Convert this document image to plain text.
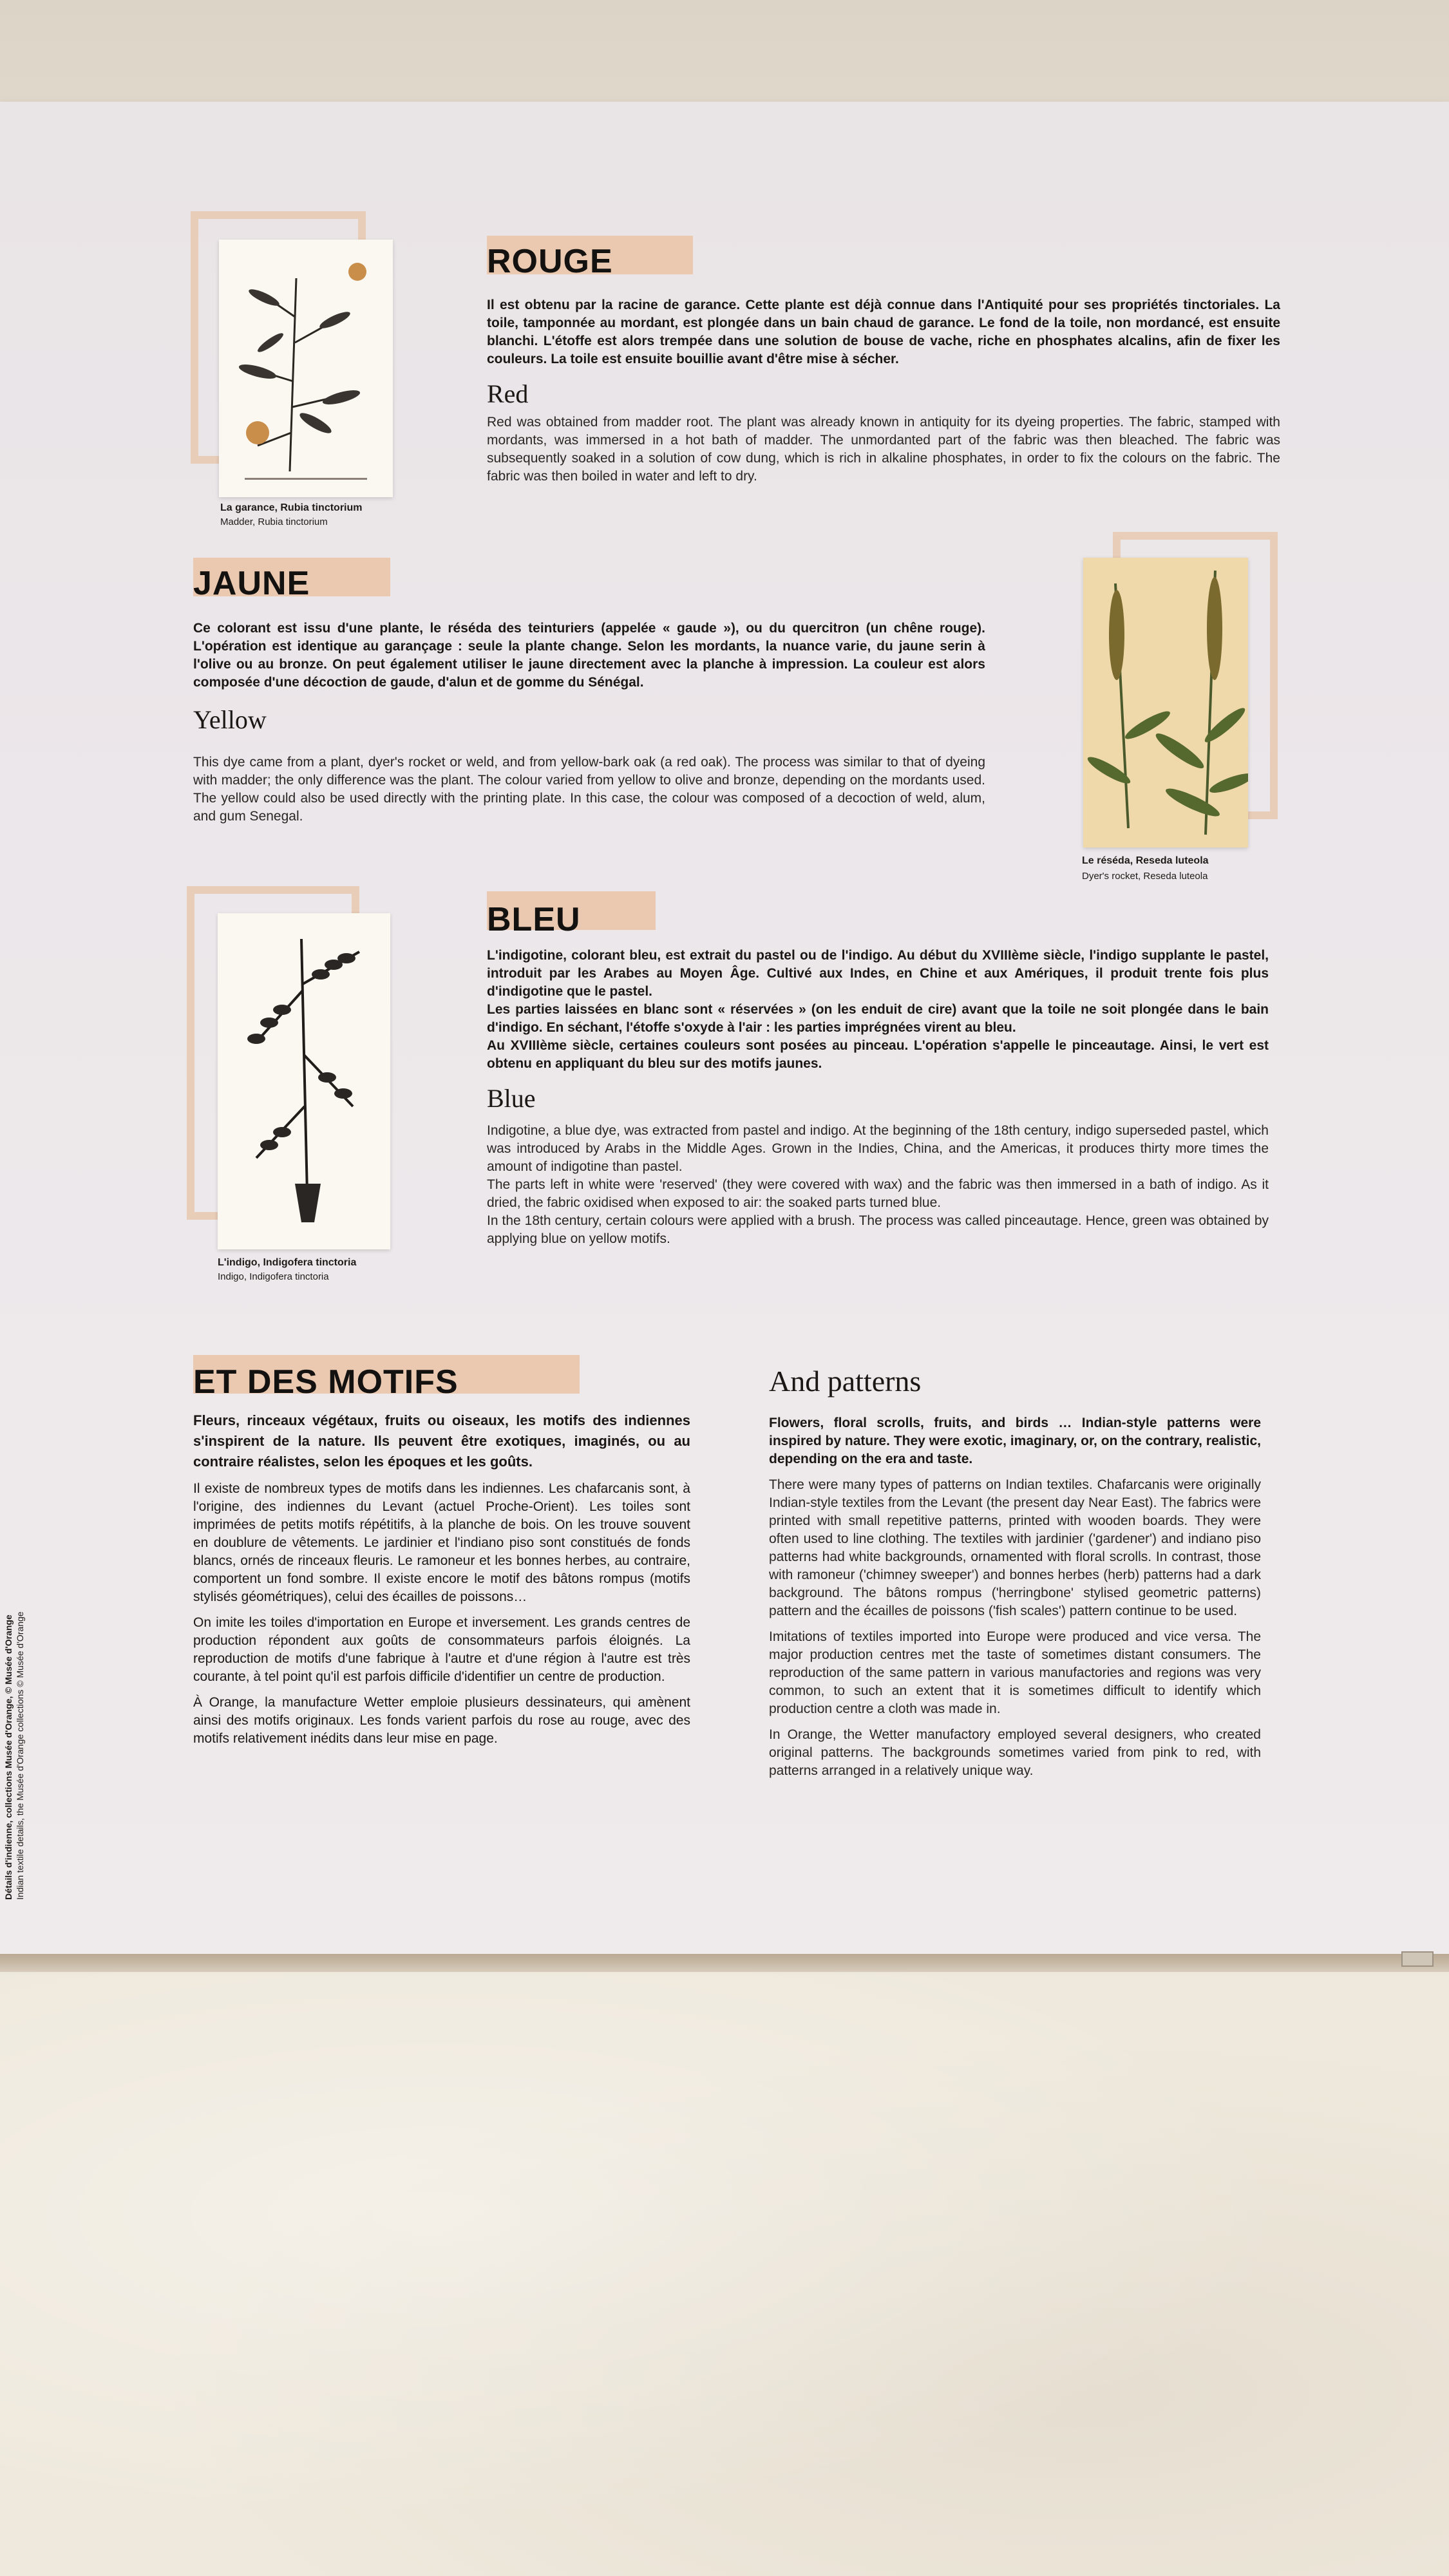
La garance, Rubia tinctorium
Madder, Rubia tinctorium
ROUGE
Il est obtenu par la racine de garance. Cette plante est déjà connue dans l'Antiquité pour ses propriétés tinctoriales. La toile, tamponnée au mordant, est plongée dans un bain chaud de garance. Le fond de la toile, non mordancé, est ensuite blanchi. L'étoffe est alors trempée dans une solution de bouse de vache, riche en phosphates alcalins, afin de fixer les couleurs. La toile est ensuite bouillie avant d'être mise à sécher.
Red
Red was obtained from madder root. The plant was already known in antiquity for its dyeing properties. The fabric, stamped with mordants, was immersed in a hot bath of madder. The unmordanted part of the fabric was then bleached. The fabric was subsequently soaked in a solution of cow dung, which is rich in alkaline phosphates, in order to fix the colours on the fabric. The fabric was then boiled in water and left to dry.
JAUNE
Ce colorant est issu d'une plante, le réséda des teinturiers (appelée « gaude »), ou du quercitron (un chêne rouge). L'opération est identique au garançage : seule la plante change. Selon les mordants, la nuance varie, du jaune serin à l'olive ou au bronze. On peut également utiliser le jaune directement avec la planche à impression. La couleur est alors composée d'une décoction de gaude, d'alun et de gomme du Sénégal.
Yellow
This dye came from a plant, dyer's rocket or weld, and from yellow-bark oak (a red oak). The process was similar to that of dyeing with madder; the only difference was the plant. The colour varied from yellow to olive and bronze, depending on the mordants used. The yellow could also be used directly with the printing plate. In this case, the colour was composed of a decoction of weld, alum, and gum Senegal.
Le réséda, Reseda luteola
Dyer's rocket, Reseda luteola
L'indigo, Indigofera tinctoria
Indigo, Indigofera tinctoria
BLEU

L'indigotine, colorant bleu, est extrait du pastel ou de l'indigo. Au début du XVIIIème siècle, l'indigo supplante le pastel, introduit par les Arabes au Moyen Âge. Cultivé aux Indes, en Chine et aux Amériques, il produit trente fois plus d'indigotine que le pastel.

Les parties laissées en blanc sont « réservées » (on les enduit de cire) avant que la toile ne soit plongée dans le bain d'indigo. En séchant, l'étoffe s'oxyde à l'air : les parties imprégnées virent au bleu.

Au XVIIIème siècle, certaines couleurs sont posées au pinceau. L'opération s'appelle le pinceautage. Ainsi, le vert est obtenu en appliquant du bleu sur des motifs jaunes.

Blue

Indigotine, a blue dye, was extracted from pastel and indigo. At the beginning of the 18th century, indigo superseded pastel, which was introduced by Arabs in the Middle Ages. Grown in the Indies, China, and the Americas, it produces thirty more times the amount of indigotine than pastel.

The parts left in white were 'reserved' (they were covered with wax) and the fabric was then immersed in a bath of indigo. As it dried, the fabric oxidised when exposed to air: the soaked parts turned blue.

In the 18th century, certain colours were applied with a brush. The process was called pinceautage. Hence, green was obtained by applying blue on yellow motifs.

ET DES MOTIFS

Fleurs, rinceaux végétaux, fruits ou oiseaux, les motifs des indiennes s'inspirent de la nature. Ils peuvent être exotiques, imaginés, ou au contraire réalistes, selon les époques et les goûts.

Il existe de nombreux types de motifs dans les indiennes. Les chafarcanis sont, à l'origine, des indiennes du Levant (actuel Proche-Orient). Les toiles sont imprimées de petits motifs répétitifs, à la planche de bois. On les trouve souvent en doublure de vêtements. Le jardinier et l'indiano piso sont constitués de fonds blancs, ornés de rinceaux fleuris. Le ramoneur et les bonnes herbes, au contraire, comportent un fond sombre. Il existe encore le motif des bâtons rompus (motifs stylisés géométriques), celui des écailles de poissons…

On imite les toiles d'importation en Europe et inversement. Les grands centres de production répondent aux goûts de consommateurs parfois éloignés. La reproduction de motifs d'une fabrique à l'autre et d'une région à l'autre est très courante, à tel point qu'il est parfois difficile d'identifier un centre de production.

À Orange, la manufacture Wetter emploie plusieurs dessinateurs, qui amènent ainsi des motifs originaux. Les fonds varient parfois du rose au rouge, avec des motifs relativement inédits dans leur mise en page.

And patterns

Flowers, floral scrolls, fruits, and birds … Indian-style patterns were inspired by nature. They were exotic, imaginary, or, on the contrary, realistic, depending on the era and taste.

There were many types of patterns on Indian textiles. Chafarcanis were originally Indian-style textiles from the Levant (the present day Near East). The fabrics were printed with small repetitive patterns, printed with wooden boards. They were often used to line clothing. The textiles with jardinier ('gardener') and indiano piso patterns had white backgrounds, ornamented with floral scrolls. In contrast, those with ramoneur ('chimney sweeper') and bonnes herbes (herb) patterns had a dark background. The bâtons rompus ('herringbone' stylised geometric patterns) pattern and the écailles de poissons ('fish scales') pattern continue to be used.

Imitations of textiles imported into Europe were produced and vice versa. The major production centres met the taste of sometimes distant consumers. The reproduction of the same pattern in various manufactories and regions was very common, to such an extent that it is sometimes difficult to identify which production centre a cloth was made in.

In Orange, the Wetter manufactory employed several designers, who created original patterns. The backgrounds sometimes varied from pink to red, with patterns arranged in a relatively unique way.

Détails d'indienne, collections Musée d'Orange, © Musée d'Orange Indian textile details, the Musée d'Orange collections © Musée d'Orange
